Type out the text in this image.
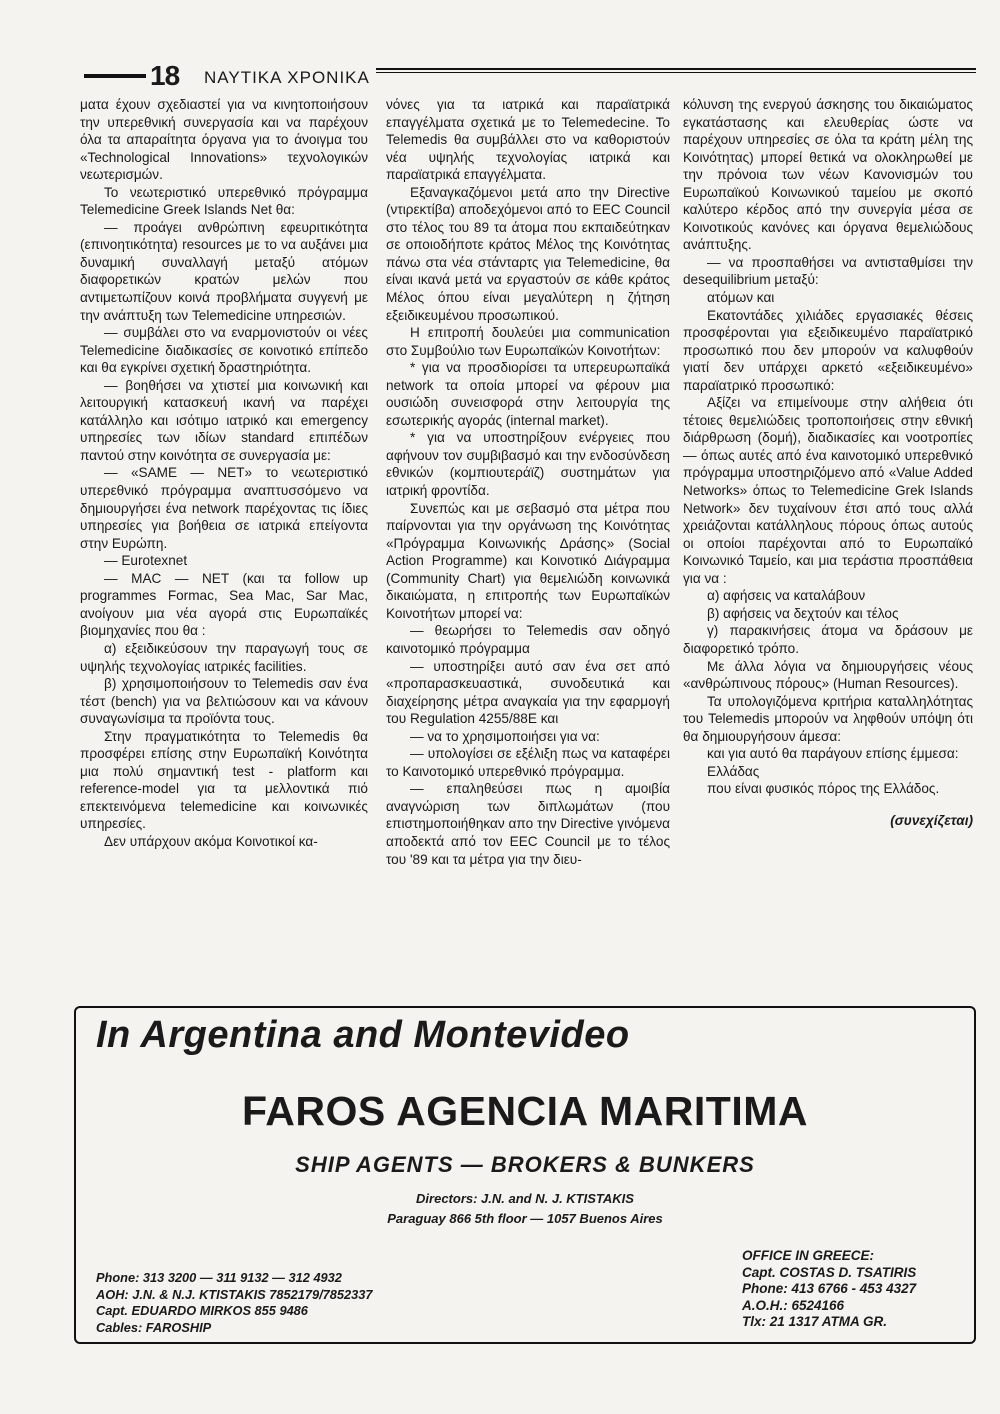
18 ΝΑΥΤΙΚΑ ΧΡΟΝΙΚΑ

ματα έχουν σχεδιαστεί για να κινητοποιήσουν την υπερεθνική συνεργασία και να παρέχουν όλα τα απαραίτητα όργανα για το άνοιγμα του «Technological Innovations» τεχνολογικών νεωτερισμών.

Το νεωτεριστικό υπερεθνικό πρόγραμμα Telemedicine Greek Islands Net θα:

— προάγει ανθρώπινη εφευριτικότητα (επινοητικότητα) resources με το να αυξάνει μια δυναμική συναλλαγή μεταξύ ατόμων διαφορετικών κρατών μελών που αντιμετωπίζουν κοινά προβλήματα συγγενή με την ανάπτυξη των Telemedicine υπηρεσιών.

— συμβάλει στο να εναρμονιστούν οι νέες Telemedicine διαδικασίες σε κοινοτικό επίπεδο και θα εγκρίνει σχετική δραστηριότητα.

— βοηθήσει να χτιστεί μια κοινωνική και λειτουργική κατασκευή ικανή να παρέχει κατάλληλο και ισότιμο ιατρικό και emergency υπηρεσίες των ιδίων standard επιπέδων παντού στην κοινότητα σε συνεργασία με:

— «SAME — NET» το νεωτεριστικό υπερεθνικό πρόγραμμα αναπτυσσόμενο να δημιουργήσει ένα network παρέχοντας τις ίδιες υπηρεσίες για βοήθεια σε ιατρικά επείγοντα στην Ευρώπη.

— Eurotexnet

— MAC — NET (και τα follow up programmes Formac, Sea Mac, Sar Mac, ανοίγουν μια νέα αγορά στις Ευρωπαϊκές βιομηχανίες που θα :

α) εξειδικεύσουν την παραγωγή τους σε υψηλής τεχνολογίας ιατρικές facilities.

β) χρησιμοποιήσουν το Telemedis σαν ένα τέστ (bench) για να βελτιώσουν και να κάνουν συναγωνίσιμα τα προϊόντα τους.

Στην πραγματικότητα το Telemedis θα προσφέρει επίσης στην Ευρωπαϊκή Κοινότητα μια πολύ σημαντική test - platform και reference-model για τα μελλοντικά πιό επεκτεινόμενα telemedicine και κοινωνικές υπηρεσίες.

Δεν υπάρχουν ακόμα Κοινοτικοί κα-

νόνες για τα ιατρικά και παραϊατρικά επαγγέλματα σχετικά με το Telemedecine. Το Telemedis θα συμβάλλει στο να καθοριστούν νέα υψηλής τεχνολογίας ιατρικά και παραϊατρικά επαγγέλματα.

Εξαναγκαζόμενοι μετά απο την Directive (ντιρεκτίβα) αποδεχόμενοι από το EEC Council στο τέλος του 89 τα άτομα που εκπαιδεύτηκαν σε οποιοδήποτε κράτος Μέλος της Κοινότητας πάνω στα νέα στάνταρτς για Telemedicine, θα είναι ικανά μετά να εργαστούν σε κάθε κράτος Μέλος όπου είναι μεγαλύτερη η ζήτηση εξειδικευμένου προσωπικού.

Η επιτροπή δουλεύει μια communication στο Συμβούλιο των Ευρωπαϊκών Κοινοτήτων:

* για να προσδιορίσει τα υπερευρωπαϊκά network τα οποία μπορεί να φέρουν μια ουσιώδη συνεισφορά στην λειτουργία της εσωτερικής αγοράς (internal market).

* για να υποστηρίξουν ενέργειες που αφήνουν τον συμβιβασμό και την ενδοσύνδεση εθνικών (κομπιουτεράϊζ) συστημάτων για ιατρική φροντίδα.

Συνεπώς και με σεβασμό στα μέτρα που παίρνονται για την οργάνωση της Κοινότητας «Πρόγραμμα Κοινωνικής Δράσης» (Social Action Programme) και Κοινοτικό Διάγραμμα (Community Chart) για θεμελιώδη κοινωνικά δικαιώματα, η επιτροπής των Ευρωπαϊκών Κοινοτήτων μπορεί να:

— θεωρήσει το Telemedis σαν οδηγό καινοτομικό πρόγραμμα

— υποστηρίξει αυτό σαν ένα σετ από «προπαρασκευαστικά, συνοδευτικά και διαχείρησης μέτρα αναγκαία για την εφαρμογή του Regulation 4255/88Ε και

— να το χρησιμοποιήσει για να:

— υπολογίσει σε εξέλιξη πως να καταφέρει το Καινοτομικό υπερεθνικό πρόγραμμα.

— επαληθεύσει πως η αμοιβία αναγνώριση των διπλωμάτων (που επιστημοποιήθηκαν απο την Directive γινόμενα αποδεκτά από τον EEC Council με το τέλος του '89 και τα μέτρα για την διευ-

κόλυνση της ενεργού άσκησης του δικαιώματος εγκατάστασης και ελευθερίας ώστε να παρέχουν υπηρεσίες σε όλα τα κράτη μέλη της Κοινότητας) μπορεί θετικά να ολοκληρωθεί με την πρόνοια των νέων Κανονισμών του Ευρωπαϊκού Κοινωνικού ταμείου με σκοπό καλύτερο κέρδος από την συνεργία μέσα σε Κοινοτικούς κανόνες και όργανα θεμελιώδους ανάπτυξης.

— να προσπαθήσει να αντισταθμίσει την desequilibrium μεταξύ:

ατόμων και

Εκατοντάδες χιλιάδες εργασιακές θέσεις προσφέρονται για εξειδικευμένο παραϊατρικό προσωπικό που δεν μπορούν να καλυφθούν γιατί δεν υπάρχει αρκετό «εξειδικευμένο» παραϊατρικό προσωπικό:

Αξίζει να επιμείνουμε στην αλήθεια ότι τέτοιες θεμελιώδεις τροποποιήσεις στην εθνική διάρθρωση (δομή), διαδικασίες και νοοτροπίες — όπως αυτές από ένα καινοτομικό υπερεθνικό πρόγραμμα υποστηριζόμενο από «Value Added Networks» όπως το Telemedicine Grek Islands Network» δεν τυχαίνουν έτσι από τους αλλά χρειάζονται κατάλληλους πόρους όπως αυτούς οι οποίοι παρέχονται από το Ευρωπαϊκό Κοινωνικό Ταμείο, και μια τεράστια προσπάθεια για να :

α) αφήσεις να καταλάβουν

β) αφήσεις να δεχτούν και τέλος

γ) παρακινήσεις άτομα να δράσουν με διαφορετικό τρόπο.

Με άλλα λόγια να δημιουργήσεις νέους «ανθρώπινους πόρους» (Human Resources).

Τα υπολογιζόμενα κριτήρια καταλληλότητας του Telemedis μπορούν να ληφθούν υπόψη ότι θα δημιουργήσουν άμεσα:

και για αυτό θα παράγουν επίσης έμμεσα:

Ελλάδας

που είναι φυσικός πόρος της Ελλάδος.

(συνεχίζεται)

In Argentina and Montevideo
FAROS AGENCIA MARITIMA
SHIP AGENTS — BROKERS & BUNKERS
Directors: J.N. and N. J. KTISTAKIS
Paraguay 866 5th floor — 1057 Buenos Aires
Phone: 313 3200 — 311 9132 — 312 4932
AOH: J.N. & N.J. KTISTAKIS 7852179/7852337
Capt. EDUARDO MIRKOS 855 9486
Cables: FAROSHIP
OFFICE IN GREECE:
Capt. COSTAS D. TSATIRIS
Phone: 413 6766 - 453 4327
A.O.H.: 6524166
Tlx: 21 1317 ATMA GR.
